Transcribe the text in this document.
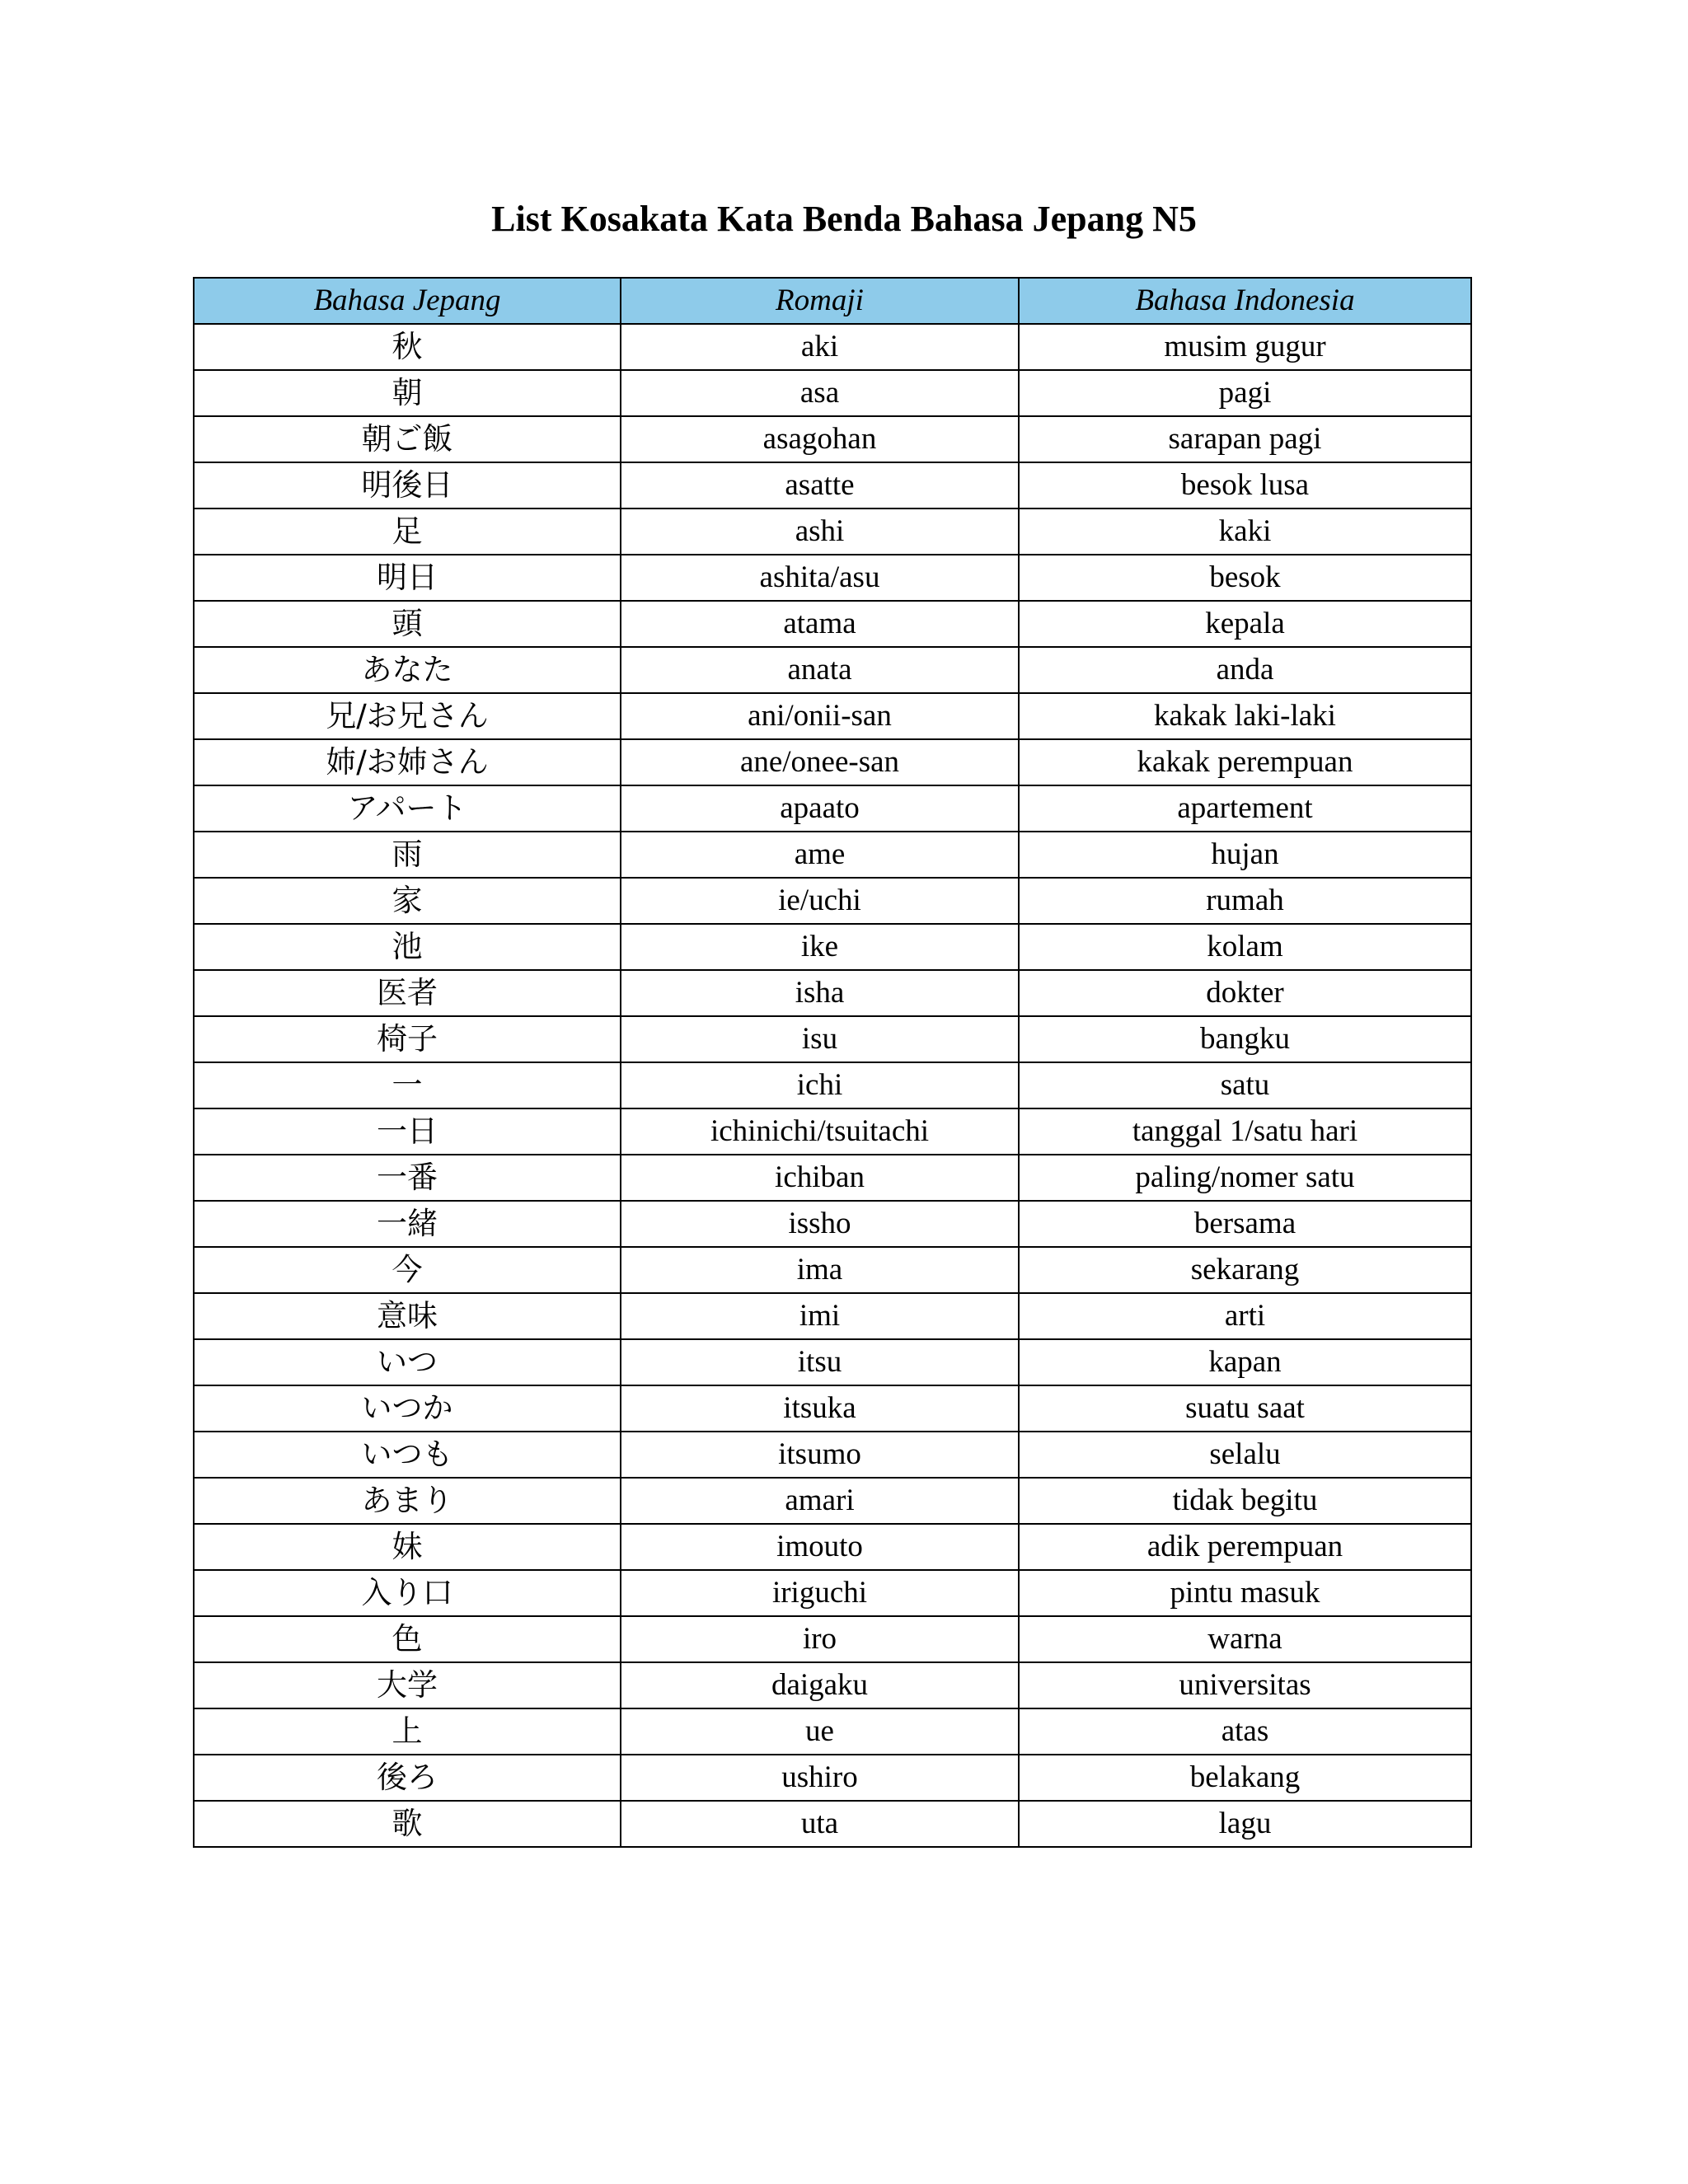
List Kosakata Kata Benda Bahasa Jepang N5
Bahasa Jepang	Romaji	Bahasa Indonesia
秋	aki	musim gugur
朝	asa	pagi
朝ご飯	asagohan	sarapan pagi
明後日	asatte	besok lusa
足	ashi	kaki
明日	ashita/asu	besok
頭	atama	kepala
あなた	anata	anda
兄/お兄さん	ani/onii-san	kakak laki-laki
姉/お姉さん	ane/onee-san	kakak perempuan
アパート	apaato	apartement
雨	ame	hujan
家	ie/uchi	rumah
池	ike	kolam
医者	isha	dokter
椅子	isu	bangku
一	ichi	satu
一日	ichinichi/tsuitachi	tanggal 1/satu hari
一番	ichiban	paling/nomer satu
一緒	issho	bersama
今	ima	sekarang
意味	imi	arti
いつ	itsu	kapan
いつか	itsuka	suatu saat
いつも	itsumo	selalu
あまり	amari	tidak begitu
妹	imouto	adik perempuan
入り口	iriguchi	pintu masuk
色	iro	warna
大学	daigaku	universitas
上	ue	atas
後ろ	ushiro	belakang
歌	uta	lagu
